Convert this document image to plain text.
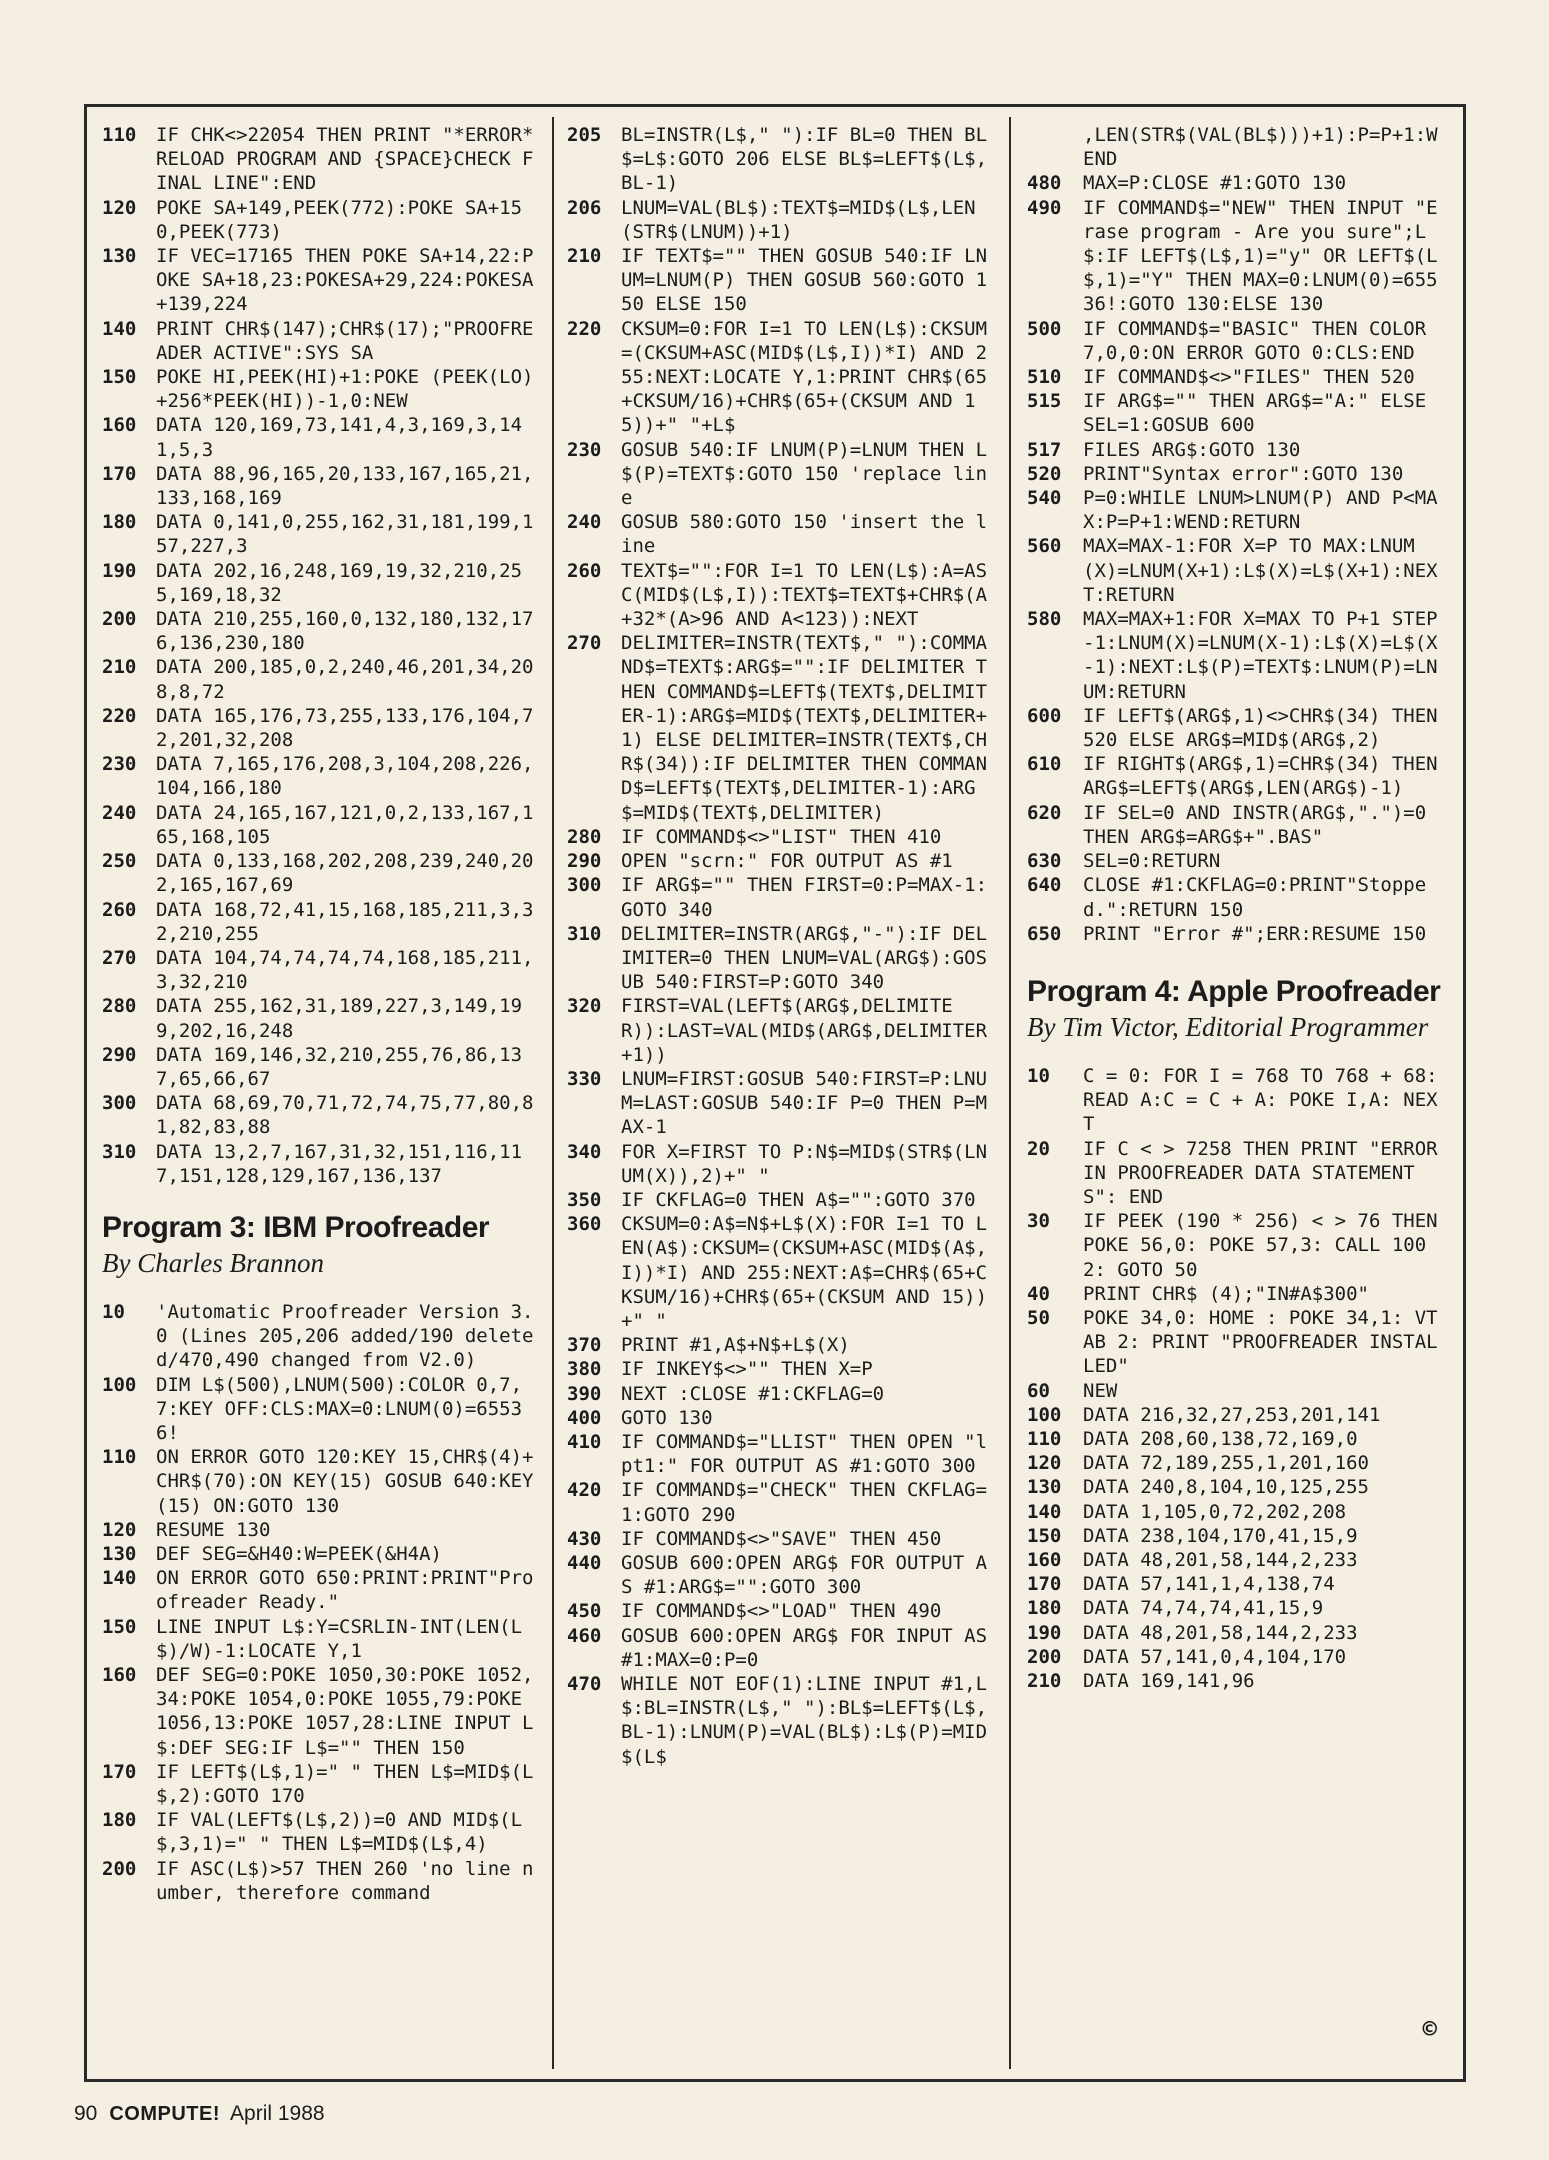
110	IF CHK<>22054 THEN PRINT "*ERROR* RELOAD PROGRAM AND {SPACE}CHECK FINAL LINE":END
120	POKE SA+149,PEEK(772):POKE SA+150,PEEK(773)
130	IF VEC=17165 THEN POKE SA+14,22:POKE SA+18,23:POKESA+29,224:POKESA+139,224
140	PRINT CHR$(147);CHR$(17);"PROOFREADER ACTIVE":SYS SA
150	POKE HI,PEEK(HI)+1:POKE (PEEK(LO)+256*PEEK(HI))-1,0:NEW
160	DATA 120,169,73,141,4,3,169,3,141,5,3
170	DATA 88,96,165,20,133,167,165,21,133,168,169
180	DATA 0,141,0,255,162,31,181,199,157,227,3
190	DATA 202,16,248,169,19,32,210,255,169,18,32
200	DATA 210,255,160,0,132,180,132,176,136,230,180
210	DATA 200,185,0,2,240,46,201,34,208,8,72
220	DATA 165,176,73,255,133,176,104,72,201,32,208
230	DATA 7,165,176,208,3,104,208,226,104,166,180
240	DATA 24,165,167,121,0,2,133,167,165,168,105
250	DATA 0,133,168,202,208,239,240,202,165,167,69
260	DATA 168,72,41,15,168,185,211,3,32,210,255
270	DATA 104,74,74,74,74,168,185,211,3,32,210
280	DATA 255,162,31,189,227,3,149,199,202,16,248
290	DATA 169,146,32,210,255,76,86,137,65,66,67
300	DATA 68,69,70,71,72,74,75,77,80,81,82,83,88
310	DATA 13,2,7,167,31,32,151,116,117,151,128,129,167,136,137
Program 3: IBM Proofreader
By Charles Brannon
10	'Automatic Proofreader Version 3.0 (Lines 205,206 added/190 deleted/470,490 changed from V2.0)
100	DIM L$(500),LNUM(500):COLOR 0,7,7:KEY OFF:CLS:MAX=0:LNUM(0)=65536!
110	ON ERROR GOTO 120:KEY 15,CHR$(4)+CHR$(70):ON KEY(15) GOSUB 640:KEY (15) ON:GOTO 130
120	RESUME 130
130	DEF SEG=&H40:W=PEEK(&H4A)
140	ON ERROR GOTO 650:PRINT:PRINT"Proofreader Ready."
150	LINE INPUT L$:Y=CSRLIN-INT(LEN(L$)/W)-1:LOCATE Y,1
160	DEF SEG=0:POKE 1050,30:POKE 1052,34:POKE 1054,0:POKE 1055,79:POKE 1056,13:POKE 1057,28:LINE INPUT L$:DEF SEG:IF L$="" THEN 150
170	IF LEFT$(L$,1)=" " THEN L$=MID$(L$,2):GOTO 170
180	IF VAL(LEFT$(L$,2))=0 AND MID$(L$,3,1)=" " THEN L$=MID$(L$,4)
200	IF ASC(L$)>57 THEN 260 'no line number, therefore command
205	BL=INSTR(L$," "):IF BL=0 THEN BL$=L$:GOTO 206 ELSE BL$=LEFT$(L$,BL-1)
206	LNUM=VAL(BL$):TEXT$=MID$(L$,LEN(STR$(LNUM))+1)
210	IF TEXT$="" THEN GOSUB 540:IF LNUM=LNUM(P) THEN GOSUB 560:GOTO 150 ELSE 150
220	CKSUM=0:FOR I=1 TO LEN(L$):CKSUM=(CKSUM+ASC(MID$(L$,I))*I) AND 255:NEXT:LOCATE Y,1:PRINT CHR$(65+CKSUM/16)+CHR$(65+(CKSUM AND 15))+" "+L$
230	GOSUB 540:IF LNUM(P)=LNUM THEN L$(P)=TEXT$:GOTO 150 'replace line
240	GOSUB 580:GOTO 150 'insert the line
260	TEXT$="":FOR I=1 TO LEN(L$):A=ASC(MID$(L$,I)):TEXT$=TEXT$+CHR$(A+32*(A>96 AND A<123)):NEXT
270	DELIMITER=INSTR(TEXT$," "):COMMAND$=TEXT$:ARG$="":IF DELIMITER THEN COMMAND$=LEFT$(TEXT$,DELIMITER-1):ARG$=MID$(TEXT$,DELIMITER+1) ELSE DELIMITER=INSTR(TEXT$,CHR$(34)):IF DELIMITER THEN COMMAND$=LEFT$(TEXT$,DELIMITER-1):ARG$=MID$(TEXT$,DELIMITER)
280	IF COMMAND$<>"LIST" THEN 410
290	OPEN "scrn:" FOR OUTPUT AS #1
300	IF ARG$="" THEN FIRST=0:P=MAX-1:GOTO 340
310	DELIMITER=INSTR(ARG$,"-"):IF DELIMITER=0 THEN LNUM=VAL(ARG$):GOSUB 540:FIRST=P:GOTO 340
320	FIRST=VAL(LEFT$(ARG$,DELIMITER)):LAST=VAL(MID$(ARG$,DELIMITER+1))
330	LNUM=FIRST:GOSUB 540:FIRST=P:LNUM=LAST:GOSUB 540:IF P=0 THEN P=MAX-1
340	FOR X=FIRST TO P:N$=MID$(STR$(LNUM(X)),2)+" "
350	IF CKFLAG=0 THEN A$="":GOTO 370
360	CKSUM=0:A$=N$+L$(X):FOR I=1 TO LEN(A$):CKSUM=(CKSUM+ASC(MID$(A$,I))*I) AND 255:NEXT:A$=CHR$(65+CKSUM/16)+CHR$(65+(CKSUM AND 15))+" "
370	PRINT #1,A$+N$+L$(X)
380	IF INKEY$<>"" THEN X=P
390	NEXT :CLOSE #1:CKFLAG=0
400	GOTO 130
410	IF COMMAND$="LLIST" THEN OPEN "lpt1:" FOR OUTPUT AS #1:GOTO 300
420	IF COMMAND$="CHECK" THEN CKFLAG=1:GOTO 290
430	IF COMMAND$<>"SAVE" THEN 450
440	GOSUB 600:OPEN ARG$ FOR OUTPUT AS #1:ARG$="":GOTO 300
450	IF COMMAND$<>"LOAD" THEN 490
460	GOSUB 600:OPEN ARG$ FOR INPUT AS #1:MAX=0:P=0
470	WHILE NOT EOF(1):LINE INPUT #1,L$:BL=INSTR(L$," "):BL$=LEFT$(L$,BL-1):LNUM(P)=VAL(BL$):L$(P)=MID$(L$
,LEN(STR$(VAL(BL$)))+1):P=P+1:WEND
480	MAX=P:CLOSE #1:GOTO 130
490	IF COMMAND$="NEW" THEN INPUT "Erase program - Are you sure";L$:IF LEFT$(L$,1)="y" OR LEFT$(L$,1)="Y" THEN MAX=0:LNUM(0)=65536!:GOTO 130:ELSE 130
500	IF COMMAND$="BASIC" THEN COLOR 7,0,0:ON ERROR GOTO 0:CLS:END
510	IF COMMAND$<>"FILES" THEN 520
515	IF ARG$="" THEN ARG$="A:" ELSE SEL=1:GOSUB 600
517	FILES ARG$:GOTO 130
520	PRINT"Syntax error":GOTO 130
540	P=0:WHILE LNUM>LNUM(P) AND P<MAX:P=P+1:WEND:RETURN
560	MAX=MAX-1:FOR X=P TO MAX:LNUM(X)=LNUM(X+1):L$(X)=L$(X+1):NEXT:RETURN
580	MAX=MAX+1:FOR X=MAX TO P+1 STEP -1:LNUM(X)=LNUM(X-1):L$(X)=L$(X-1):NEXT:L$(P)=TEXT$:LNUM(P)=LNUM:RETURN
600	IF LEFT$(ARG$,1)<>CHR$(34) THEN 520 ELSE ARG$=MID$(ARG$,2)
610	IF RIGHT$(ARG$,1)=CHR$(34) THEN ARG$=LEFT$(ARG$,LEN(ARG$)-1)
620	IF SEL=0 AND INSTR(ARG$,".")=0 THEN ARG$=ARG$+".BAS"
630	SEL=0:RETURN
640	CLOSE #1:CKFLAG=0:PRINT"Stopped.":RETURN 150
650	PRINT "Error #";ERR:RESUME 150
Program 4: Apple Proofreader
By Tim Victor, Editorial Programmer
10	C = 0: FOR I = 768 TO 768 + 68: READ A:C = C + A: POKE I,A: NEXT
20	IF C < > 7258 THEN PRINT "ERROR IN PROOFREADER DATA STATEMENTS": END
30	IF PEEK (190 * 256) < > 76 THEN POKE 56,0: POKE 57,3: CALL 1002: GOTO 50
40	PRINT CHR$ (4);"IN#A$300"
50	POKE 34,0: HOME : POKE 34,1: VTAB 2: PRINT "PROOFREADER INSTALLED"
60	NEW
100	DATA 216,32,27,253,201,141
110	DATA 208,60,138,72,169,0
120	DATA 72,189,255,1,201,160
130	DATA 240,8,104,10,125,255
140	DATA 1,105,0,72,202,208
150	DATA 238,104,170,41,15,9
160	DATA 48,201,58,144,2,233
170	DATA 57,141,1,4,138,74
180	DATA 74,74,74,41,15,9
190	DATA 48,201,58,144,2,233
200	DATA 57,141,0,4,104,170
210	DATA 169,141,96
©
90 COMPUTE! April 1988
